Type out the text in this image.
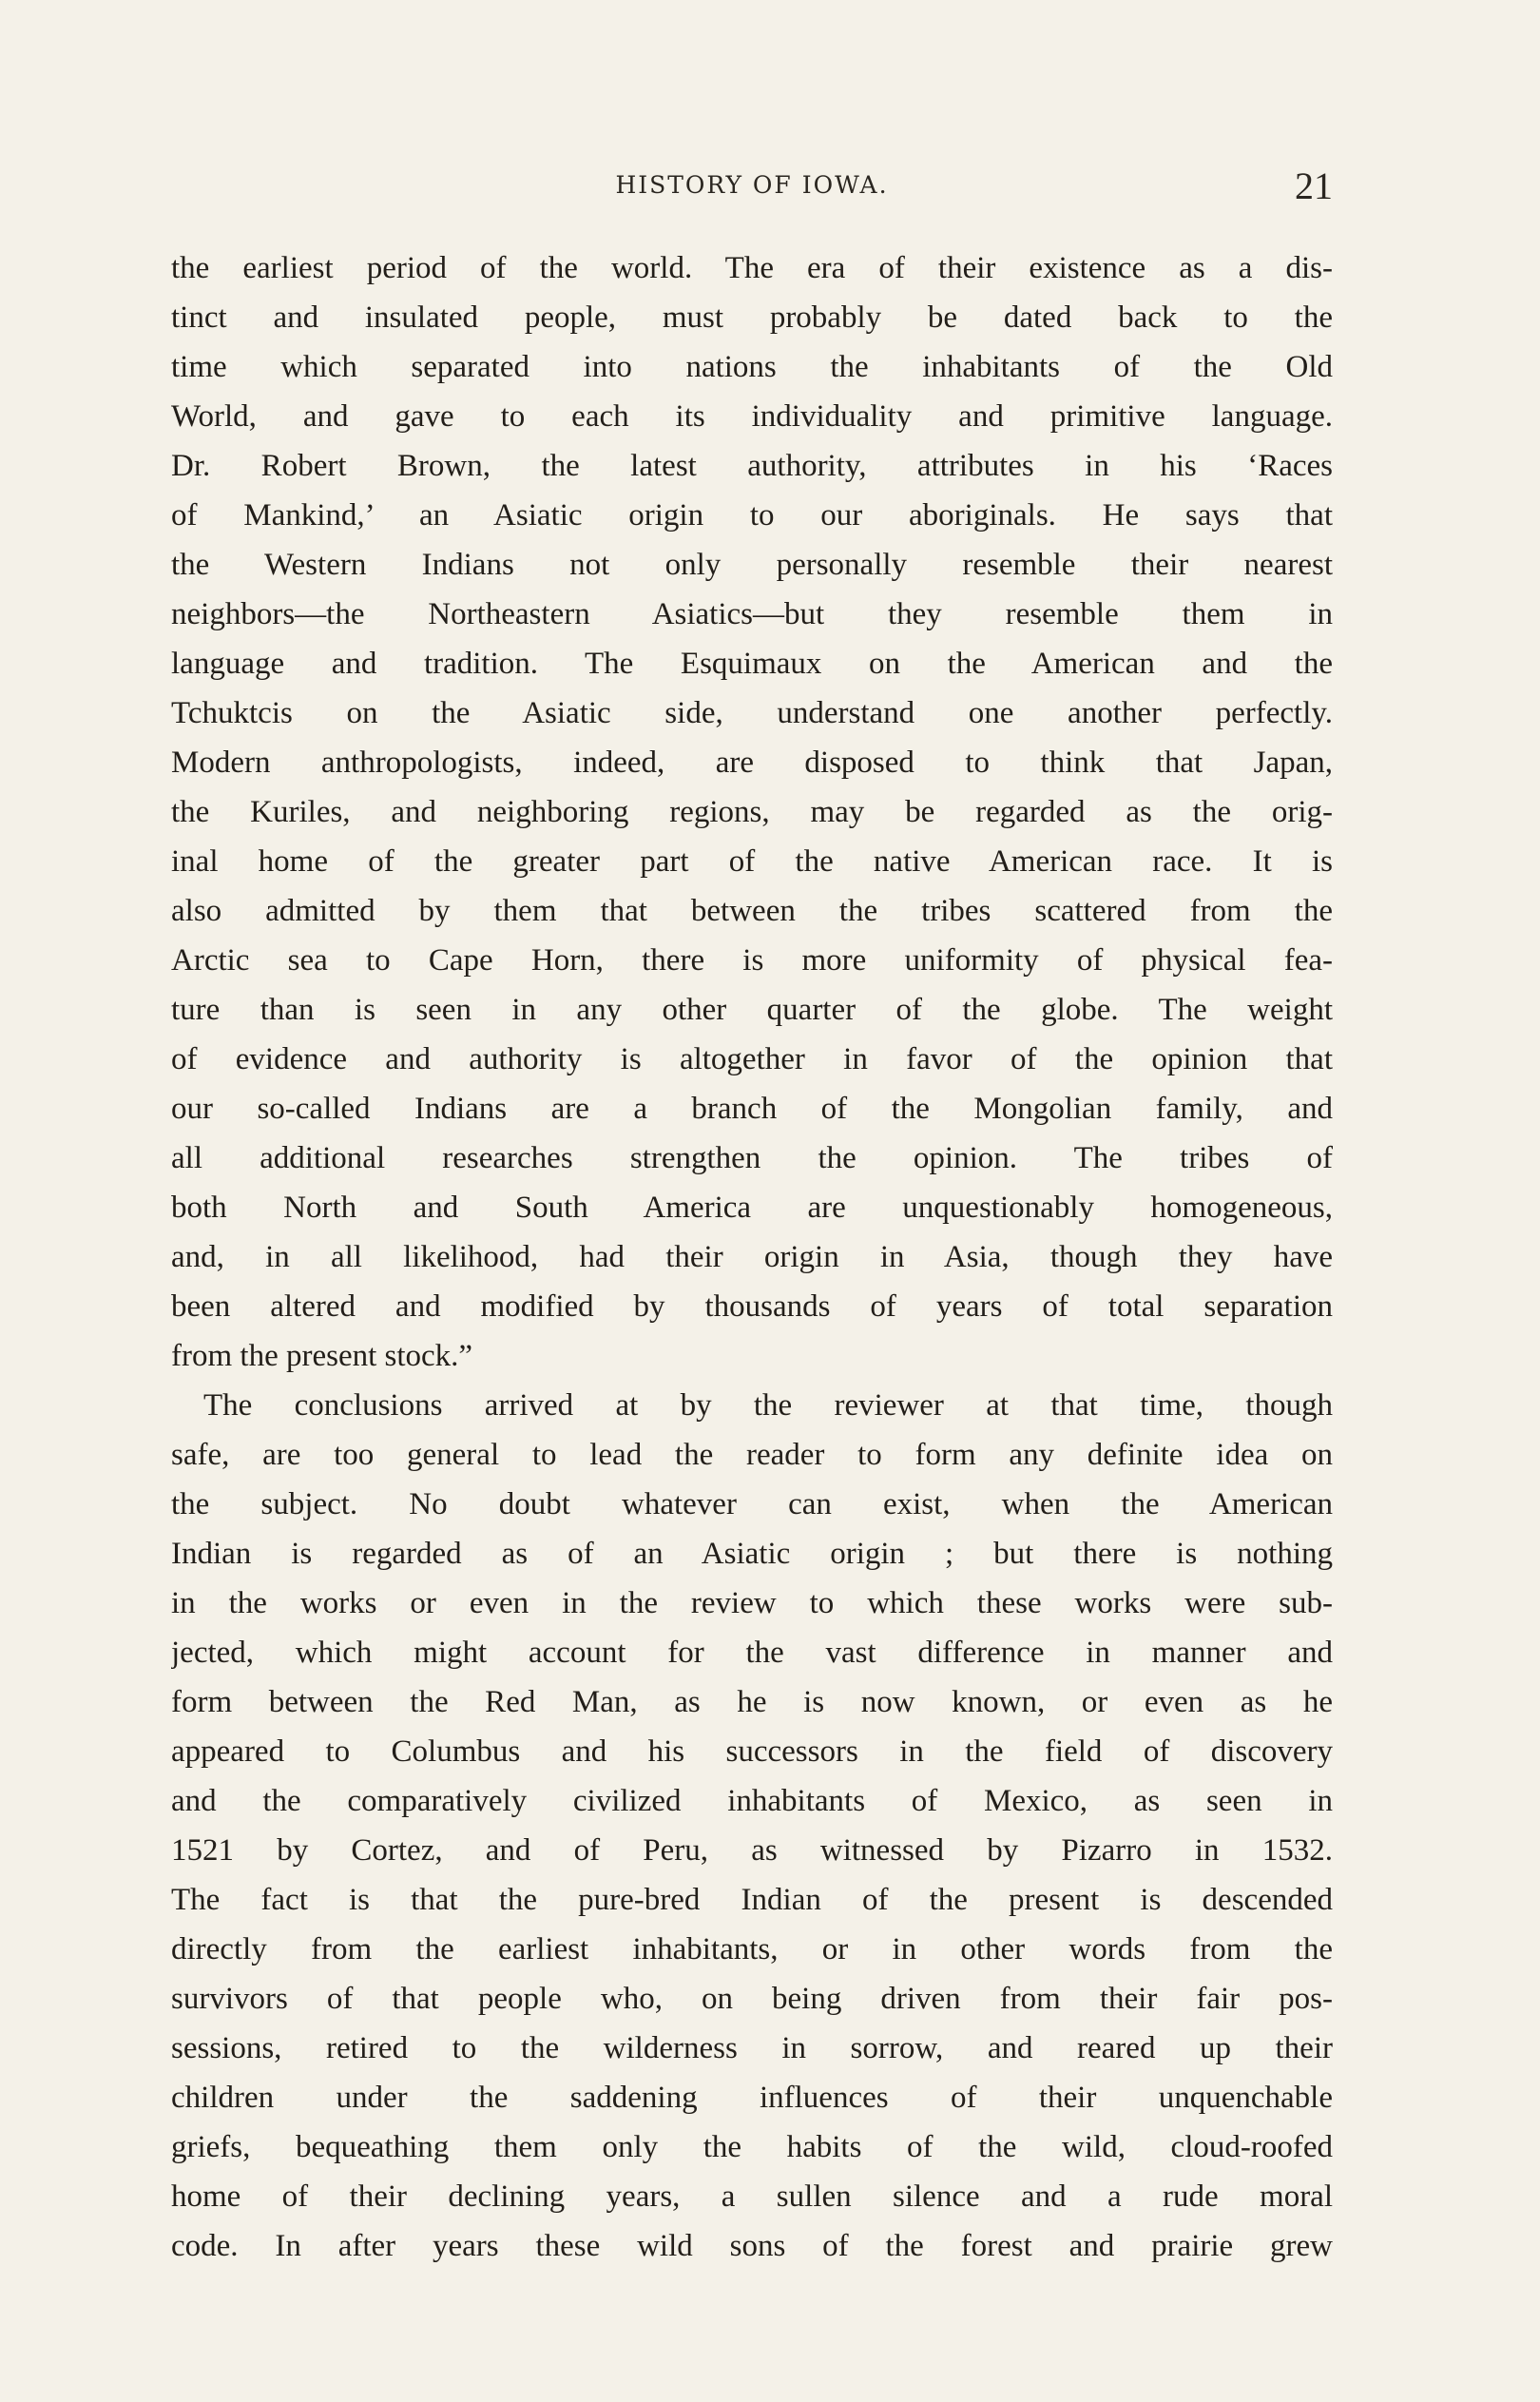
HISTORY OF IOWA.	21
the earliest period of the world. The era of their existence as a dis-
tinct and insulated people, must probably be dated back to the
time which separated into nations the inhabitants of the Old
World, and gave to each its individuality and primitive language.
Dr. Robert Brown, the latest authority, attributes in his ‘Races
of Mankind,’ an Asiatic origin to our aboriginals. He says that
the Western Indians not only personally resemble their nearest
neighbors—the Northeastern Asiatics—but they resemble them in
language and tradition. The Esquimaux on the American and the
Tchuktcis on the Asiatic side, understand one another perfectly.
Modern anthropologists, indeed, are disposed to think that Japan,
the Kuriles, and neighboring regions, may be regarded as the orig-
inal home of the greater part of the native American race. It is
also admitted by them that between the tribes scattered from the
Arctic sea to Cape Horn, there is more uniformity of physical fea-
ture than is seen in any other quarter of the globe. The weight
of evidence and authority is altogether in favor of the opinion that
our so-called Indians are a branch of the Mongolian family, and
all additional researches strengthen the opinion. The tribes of
both North and South America are unquestionably homogeneous,
and, in all likelihood, had their origin in Asia, though they have
been altered and modified by thousands of years of total separation
from the present stock.”
The conclusions arrived at by the reviewer at that time, though
safe, are too general to lead the reader to form any definite idea on
the subject. No doubt whatever can exist, when the American
Indian is regarded as of an Asiatic origin ; but there is nothing
in the works or even in the review to which these works were sub-
jected, which might account for the vast difference in manner and
form between the Red Man, as he is now known, or even as he
appeared to Columbus and his successors in the field of discovery
and the comparatively civilized inhabitants of Mexico, as seen in
1521 by Cortez, and of Peru, as witnessed by Pizarro in 1532.
The fact is that the pure-bred Indian of the present is descended
directly from the earliest inhabitants, or in other words from the
survivors of that people who, on being driven from their fair pos-
sessions, retired to the wilderness in sorrow, and reared up their
children under the saddening influences of their unquenchable
griefs, bequeathing them only the habits of the wild, cloud-roofed
home of their declining years, a sullen silence and a rude moral
code. In after years these wild sons of the forest and prairie grew
